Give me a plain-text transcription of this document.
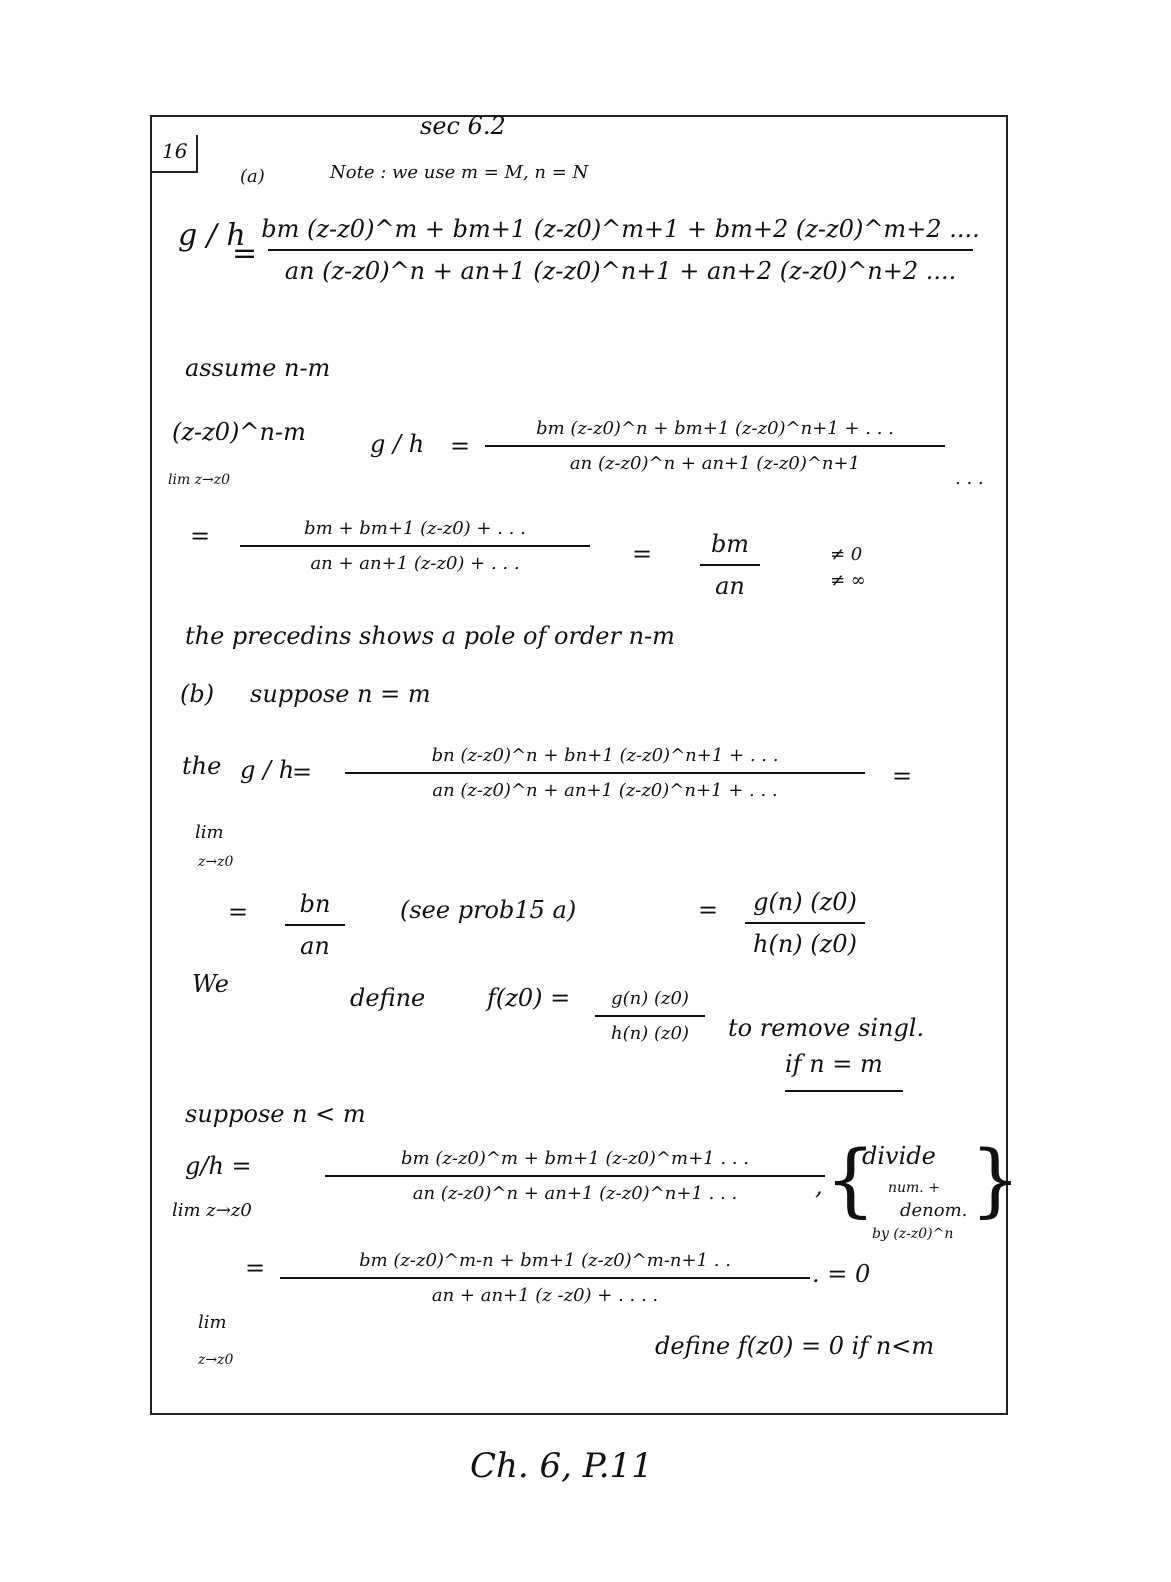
16
sec 6.2
(a)	Note : we use m = M, n = N
g / h
=
bm (z-z0)^m + bm+1 (z-z0)^m+1 + bm+2 (z-z0)^m+2 ....
an (z-z0)^n + an+1 (z-z0)^n+1 + an+2 (z-z0)^n+2 ....
assume n-m
(z-z0)^n-m	g / h =
bm (z-z0)^n + bm+1 (z-z0)^n+1 + . . .
an (z-z0)^n + an+1 (z-z0)^n+1
. . .
lim z→z0
=	bm + bm+1 (z-z0) + . . .
an + an+1 (z-z0) + . . .	= bm
an
≠ 0
≠ ∞
the precedins shows a pole of order n-m
(b) suppose n = m
the g / h
=
bn (z-z0)^n + bn+1 (z-z0)^n+1 + . . .
an (z-z0)^n + an+1 (z-z0)^n+1 + . . .
=
lim
z→z0
= bn
an
(see prob15 a)	= g(n) (z0)
h(n) (z0)
We	define	f(z0) = g(n) (z0)
h(n) (z0) to remove singl.
if n = m
suppose n < m
g/h =
lim z→z0
bm (z-z0)^m + bm+1 (z-z0)^m+1 . . .
an (z-z0)^n + an+1 (z-z0)^n+1 . . .	, {
divide
num. +
denom.
by (z-z0)^n
}
=	bm (z-z0)^m-n + bm+1 (z-z0)^m-n+1 . .
an + an+1 (z -z0) + . . . .
. = 0
lim
z→z0	define f(z0) = 0 if n<m
Ch. 6, P.11
